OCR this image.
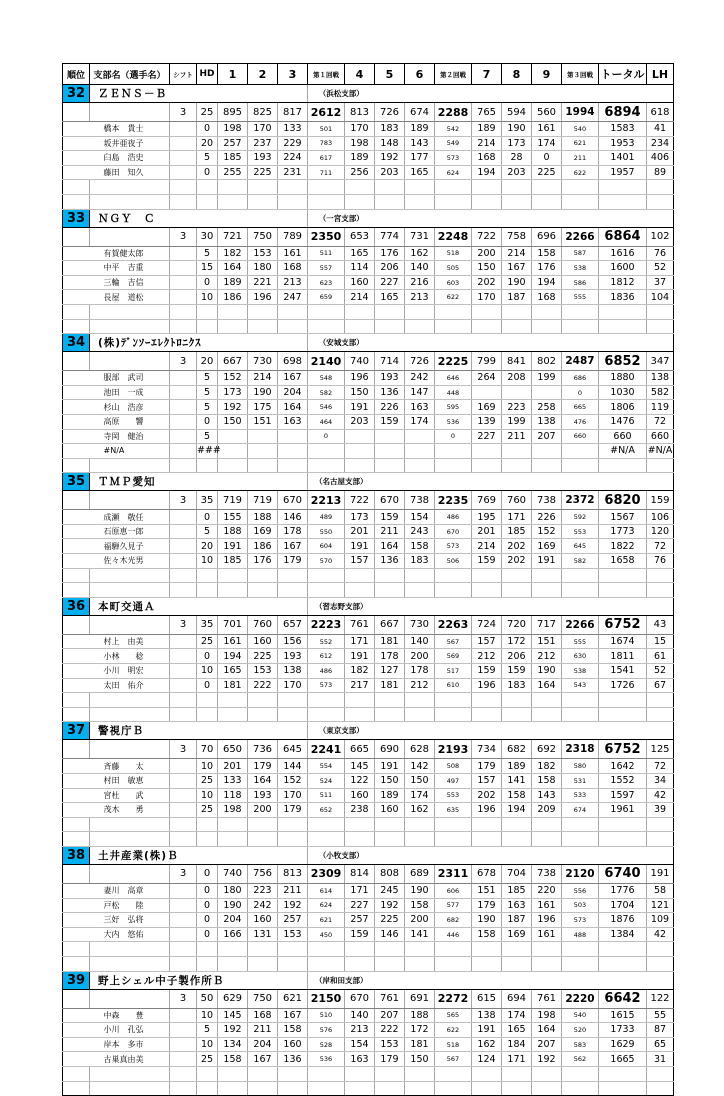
順位	支部名（選手名）	シフト	HD	1	2	3	第１回戦	4	5	6	第２回戦	7	8	9	第３回戦	トータル	LH
32	ＺＥＮＳ－Ｂ						（浜松支部）										
		3	25	895	825	817	2612	813	726	674	2288	765	594	560	1994	6894	618
	橋本　貴士		0	198	170	133	501	170	183	189	542	189	190	161	540	1583	41
	坂井亜夜子		20	257	237	229	783	198	148	143	549	214	173	174	621	1953	234
	臼島　浩史		5	185	193	224	617	189	192	177	573	168	28	0	211	1401	406
	藤田　知久		0	255	225	231	711	256	203	165	624	194	203	225	622	1957	89

33	ＮＧＹ　Ｃ						（一宮支部）										
		3	30	721	750	789	2350	653	774	731	2248	722	758	696	2266	6864	102
	有賀健太郎		5	182	153	161	511	165	176	162	518	200	214	158	587	1616	76
	中平　吉重		15	164	180	168	557	114	206	140	505	150	167	176	538	1600	52
	三輪　吉信		0	189	221	213	623	160	227	216	603	202	190	194	586	1812	37
	長屋　道松		10	186	196	247	659	214	165	213	622	170	187	168	555	1836	104

34	(株)ﾃﾞﾝｿｰｴﾚｸﾄﾛﾆｸｽ						（安城支部）										
		3	20	667	730	698	2140	740	714	726	2225	799	841	802	2487	6852	347
	服部　武司		5	152	214	167	548	196	193	242	646	264	208	199	686	1880	138
	池田　一成		5	173	190	204	582	150	136	147	448				0	1030	582
	杉山　浩彦		5	192	175	164	546	191	226	163	595	169	223	258	665	1806	119
	高原　　響		0	150	151	163	464	203	159	174	536	139	199	138	476	1476	72
	寺岡　健治		5				0				0	227	211	207	660	660	660
	#N/A		###													#N/A	#N/A

35	ＴＭＰ愛知						（名古屋支部）										
		3	35	719	719	670	2213	722	670	738	2235	769	760	738	2372	6820	159
	成瀬　敬任		0	155	188	146	489	173	159	154	486	195	171	226	592	1567	106
	石原恵一郎		5	188	169	178	550	201	211	243	670	201	185	152	553	1773	120
	福騨久見子		20	191	186	167	604	191	164	158	573	214	202	169	645	1822	72
	佐々木光男		10	185	176	179	570	157	136	183	506	159	202	191	582	1658	76

36	本町交通Ａ						（習志野支部）										
		3	35	701	760	657	2223	761	667	730	2263	724	720	717	2266	6752	43
	村上　由美		25	161	160	156	552	171	181	140	567	157	172	151	555	1674	15
	小林　　稔		0	194	225	193	612	191	178	200	569	212	206	212	630	1811	61
	小川　明宏		10	165	153	138	486	182	127	178	517	159	159	190	538	1541	52
	太田　佑介		0	181	222	170	573	217	181	212	610	196	183	164	543	1726	67

37	警視庁Ｂ						（東京支部）										
		3	70	650	736	645	2241	665	690	628	2193	734	682	692	2318	6752	125
	斉藤　　太		10	201	179	144	554	145	191	142	508	179	189	182	580	1642	72
	村田　敏恵		25	133	164	152	524	122	150	150	497	157	141	158	531	1552	34
	宮杜　　武		10	118	193	170	511	160	189	174	553	202	158	143	533	1597	42
	茂木　　勇		25	198	200	179	652	238	160	162	635	196	194	209	674	1961	39

38	土井産業(株)Ｂ						（小牧支部）										
		3	0	740	756	813	2309	814	808	689	2311	678	704	738	2120	6740	191
	妻川　高章		0	180	223	211	614	171	245	190	606	151	185	220	556	1776	58
	戸松　　陸		0	190	242	192	624	227	192	158	577	179	163	161	503	1704	121
	三好　弘将		0	204	160	257	621	257	225	200	682	190	187	196	573	1876	109
	大内　悠佑		0	166	131	153	450	159	146	141	446	158	169	161	488	1384	42

39	野上シェル中子製作所Ｂ						（岸和田支部）										
		3	50	629	750	621	2150	670	761	691	2272	615	694	761	2220	6642	122
	中森　　豊		10	145	168	167	510	140	207	188	565	138	174	198	540	1615	55
	小川　孔弘		5	192	211	158	576	213	222	172	622	191	165	164	520	1733	87
	岸本　多市		10	134	204	160	528	154	153	181	518	162	184	207	583	1629	65
	古巣真由美		25	158	167	136	536	163	179	150	567	124	171	192	562	1665	31
